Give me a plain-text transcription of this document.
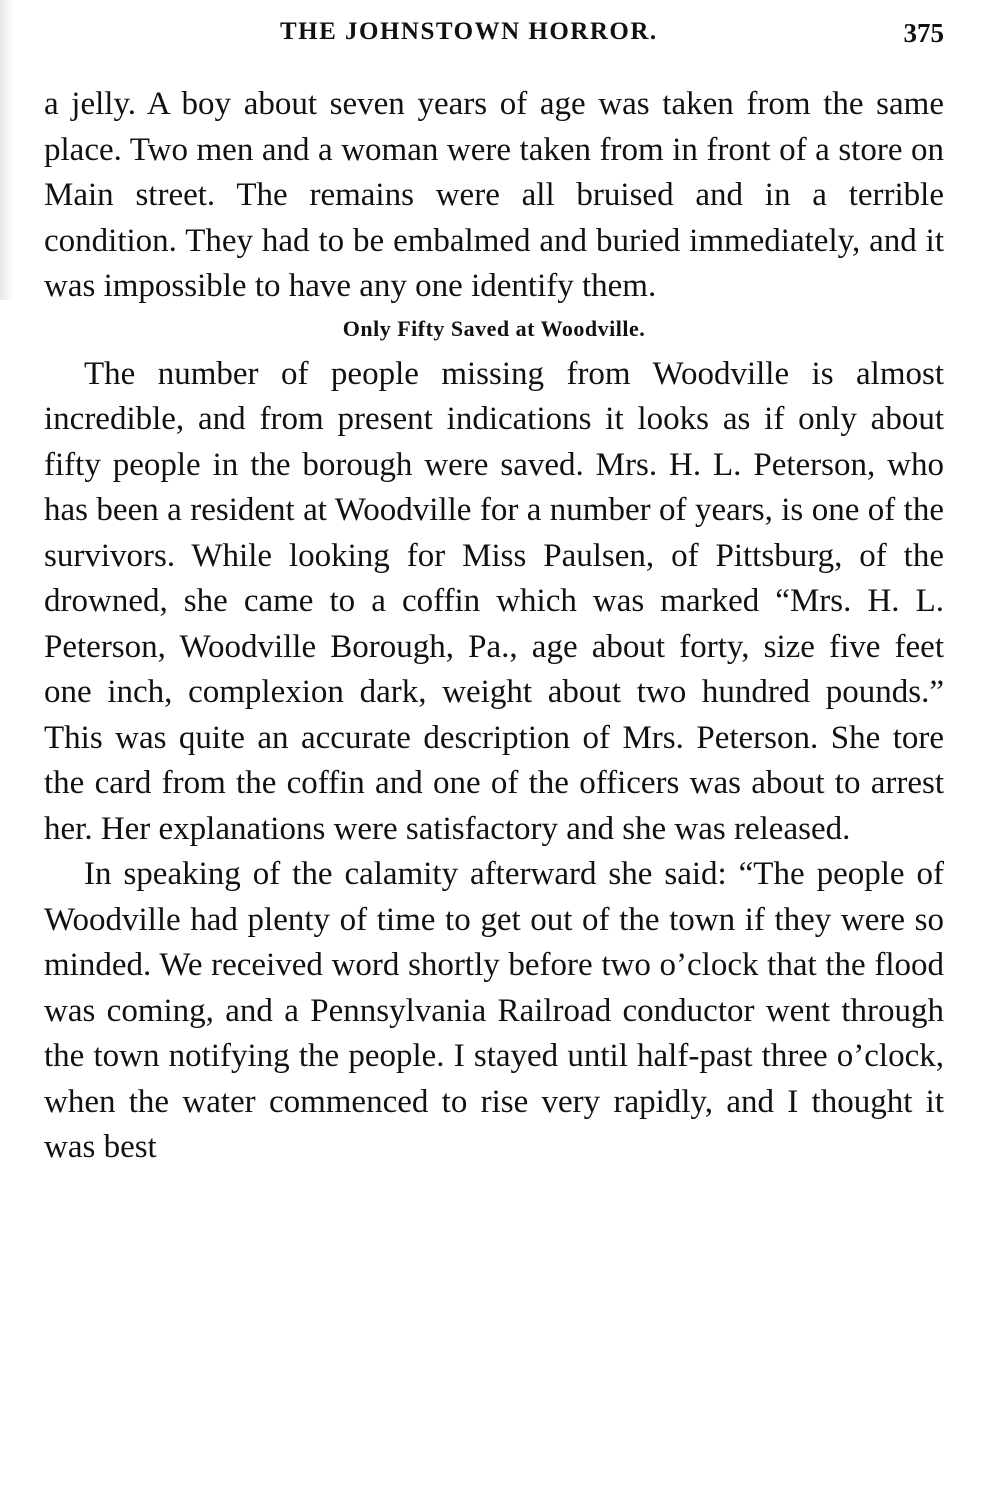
THE JOHNSTOWN HORROR.	375

a jelly. A boy about seven years of age was taken from the same place. Two men and a woman were taken from in front of a store on Main street. The remains were all bruised and in a terrible condition. They had to be embalmed and buried immediately, and it was impossible to have any one identify them.

Only Fifty Saved at Woodville.

The number of people missing from Woodville is almost incredible, and from present indications it looks as if only about fifty people in the borough were saved. Mrs. H. L. Peterson, who has been a resident at Woodville for a number of years, is one of the survivors. While looking for Miss Paulsen, of Pittsburg, of the drowned, she came to a coffin which was marked “Mrs. H. L. Peterson, Woodville Borough, Pa., age about forty, size five feet one inch, complexion dark, weight about two hundred pounds.” This was quite an accurate description of Mrs. Peterson. She tore the card from the coffin and one of the officers was about to arrest her. Her explanations were satisfactory and she was released.

In speaking of the calamity afterward she said: “The people of Woodville had plenty of time to get out of the town if they were so minded. We received word shortly before two o’clock that the flood was coming, and a Pennsylvania Railroad conductor went through the town notifying the people. I stayed until half-past three o’clock, when the water commenced to rise very rapidly, and I thought it was best
